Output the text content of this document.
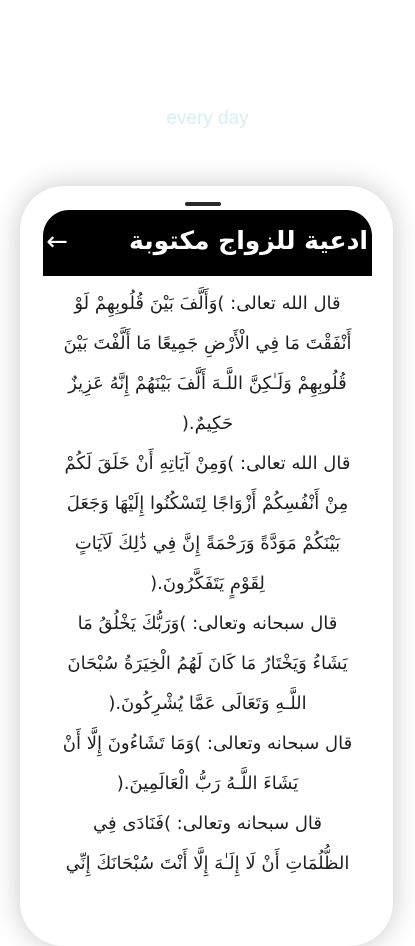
every day
←	ادعية للزواج مكتوبة

قال الله تعالى: )وَأَلَّفَ بَيْنَ قُلُوبِهِمْ لَوْ
أَنْفَقْتَ مَا فِي الْأَرْضِ جَمِيعًا مَا أَلَّفْتَ بَيْنَ
قُلُوبِهِمْ وَلَـٰكِنَّ اللَّـهَ أَلَّفَ بَيْنَهُمْ إِنَّهُ عَزِيزٌ
حَكِيمٌ.(

قال الله تعالى: )وَمِنْ آيَاتِهِ أَنْ خَلَقَ لَكُمْ
مِنْ أَنْفُسِكُمْ أَزْوَاجًا لِتَسْكُنُوا إِلَيْهَا وَجَعَلَ
بَيْنَكُمْ مَوَدَّةً وَرَحْمَةً إِنَّ فِي ذَٰلِكَ لَآيَاتٍ
لِقَوْمٍ يَتَفَكَّرُونَ.(

قال سبحانه وتعالى: )وَرَبُّكَ يَخْلُقُ مَا
يَشَاءُ وَيَخْتَارُ مَا كَانَ لَهُمُ الْخِيَرَةُ سُبْحَانَ
اللَّـهِ وَتَعَالَى عَمَّا يُشْرِكُونَ.(

قال سبحانه وتعالى: )وَمَا تَشَاءُونَ إِلَّا أَنْ
يَشَاءَ اللَّـهُ رَبُّ الْعَالَمِينَ.(

قال سبحانه وتعالى: )فَنَادَى فِي
الظُّلُمَاتِ أَنْ لَا إِلَـٰهَ إِلَّا أَنْتَ سُبْحَانَكَ إِنِّي
